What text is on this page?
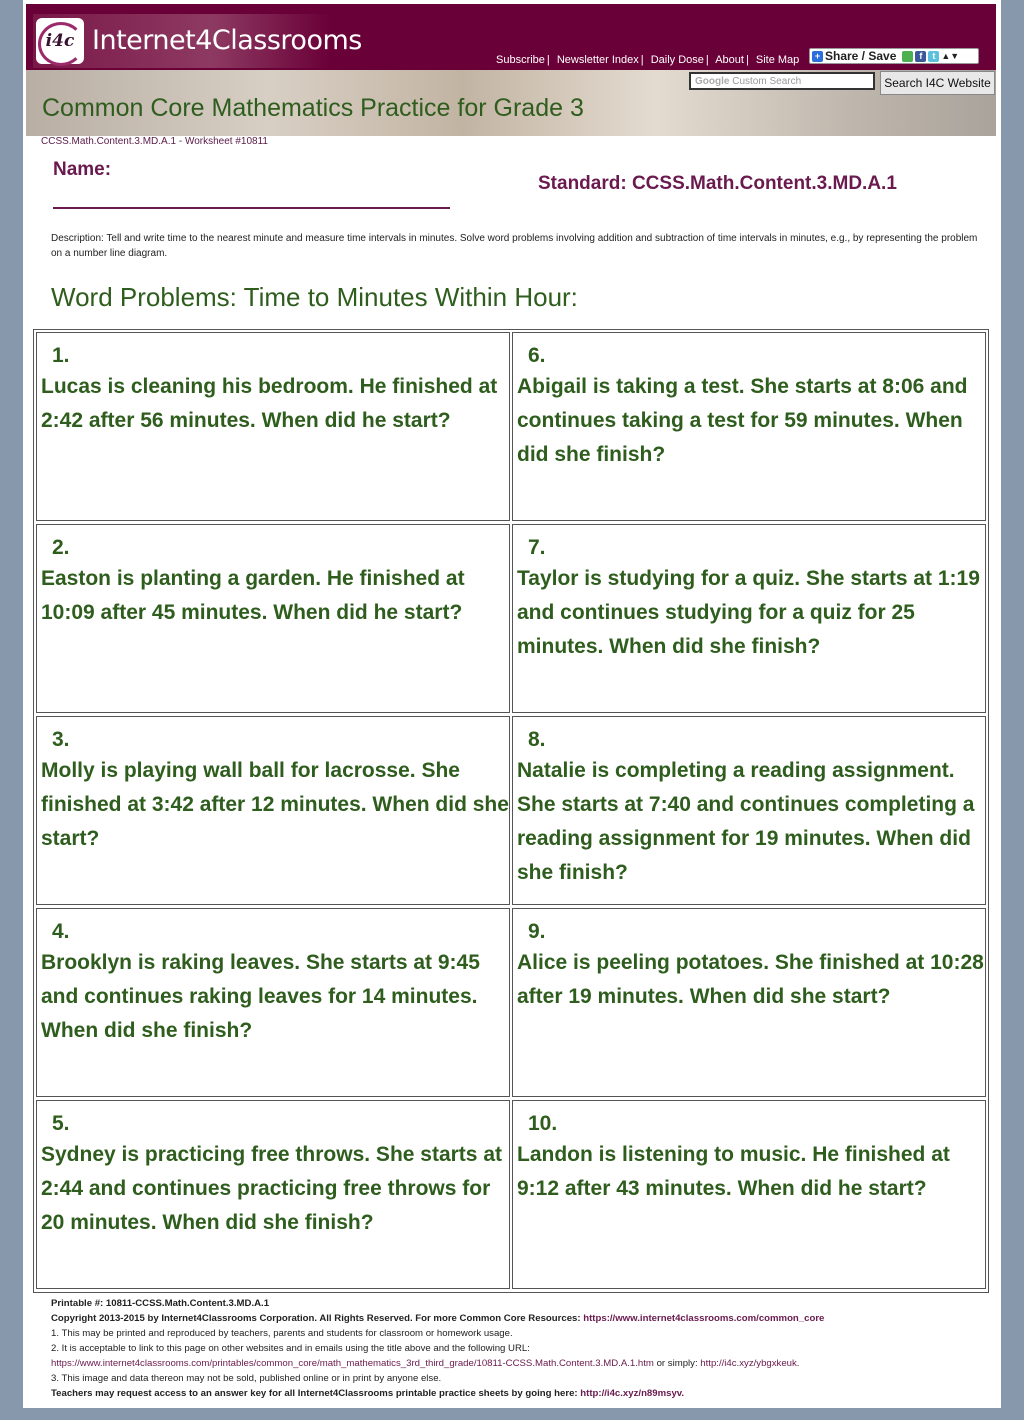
i4c Internet4Classrooms
Subscribe | Newsletter Index | Daily Dose | About | Site Map	+ Share / Save	f	t ▲▼
Google Custom Search	Search I4C Website
Common Core Mathematics Practice for Grade 3
CCSS.Math.Content.3.MD.A.1 - Worksheet #10811
Name:
Standard: CCSS.Math.Content.3.MD.A.1
Description: Tell and write time to the nearest minute and measure time intervals in minutes. Solve word problems involving addition and subtraction of time intervals in minutes, e.g., by representing the problem on a number line diagram.
Word Problems: Time to Minutes Within Hour:
1.
Lucas is cleaning his bedroom. He finished at 2:42 after 56 minutes. When did he start?
2.
Easton is planting a garden. He finished at 10:09 after 45 minutes. When did he start?
3.
Molly is playing wall ball for lacrosse. She finished at 3:42 after 12 minutes. When did she start?
4.
Brooklyn is raking leaves. She starts at 9:45 and continues raking leaves for 14 minutes. When did she finish?
5.
Sydney is practicing free throws. She starts at 2:44 and continues practicing free throws for 20 minutes. When did she finish?
6.
Abigail is taking a test. She starts at 8:06 and continues taking a test for 59 minutes. When did she finish?
7.
Taylor is studying for a quiz. She starts at 1:19 and continues studying for a quiz for 25 minutes. When did she finish?
8.
Natalie is completing a reading assignment. She starts at 7:40 and continues completing a reading assignment for 19 minutes. When did she finish?
9.
Alice is peeling potatoes. She finished at 10:28 after 19 minutes. When did she start?
10.
Landon is listening to music. He finished at 9:12 after 43 minutes. When did he start?
Printable #: 10811-CCSS.Math.Content.3.MD.A.1
Copyright 2013-2015 by Internet4Classrooms Corporation. All Rights Reserved. For more Common Core Resources: https://www.internet4classrooms.com/common_core
1. This may be printed and reproduced by teachers, parents and students for classroom or homework usage.
2. It is acceptable to link to this page on other websites and in emails using the title above and the following URL:
https://www.internet4classrooms.com/printables/common_core/math_mathematics_3rd_third_grade/10811-CCSS.Math.Content.3.MD.A.1.htm or simply: http://i4c.xyz/ybgxkeuk.
3. This image and data thereon may not be sold, published online or in print by anyone else.
Teachers may request access to an answer key for all Internet4Classrooms printable practice sheets by going here: http://i4c.xyz/n89msyv.
